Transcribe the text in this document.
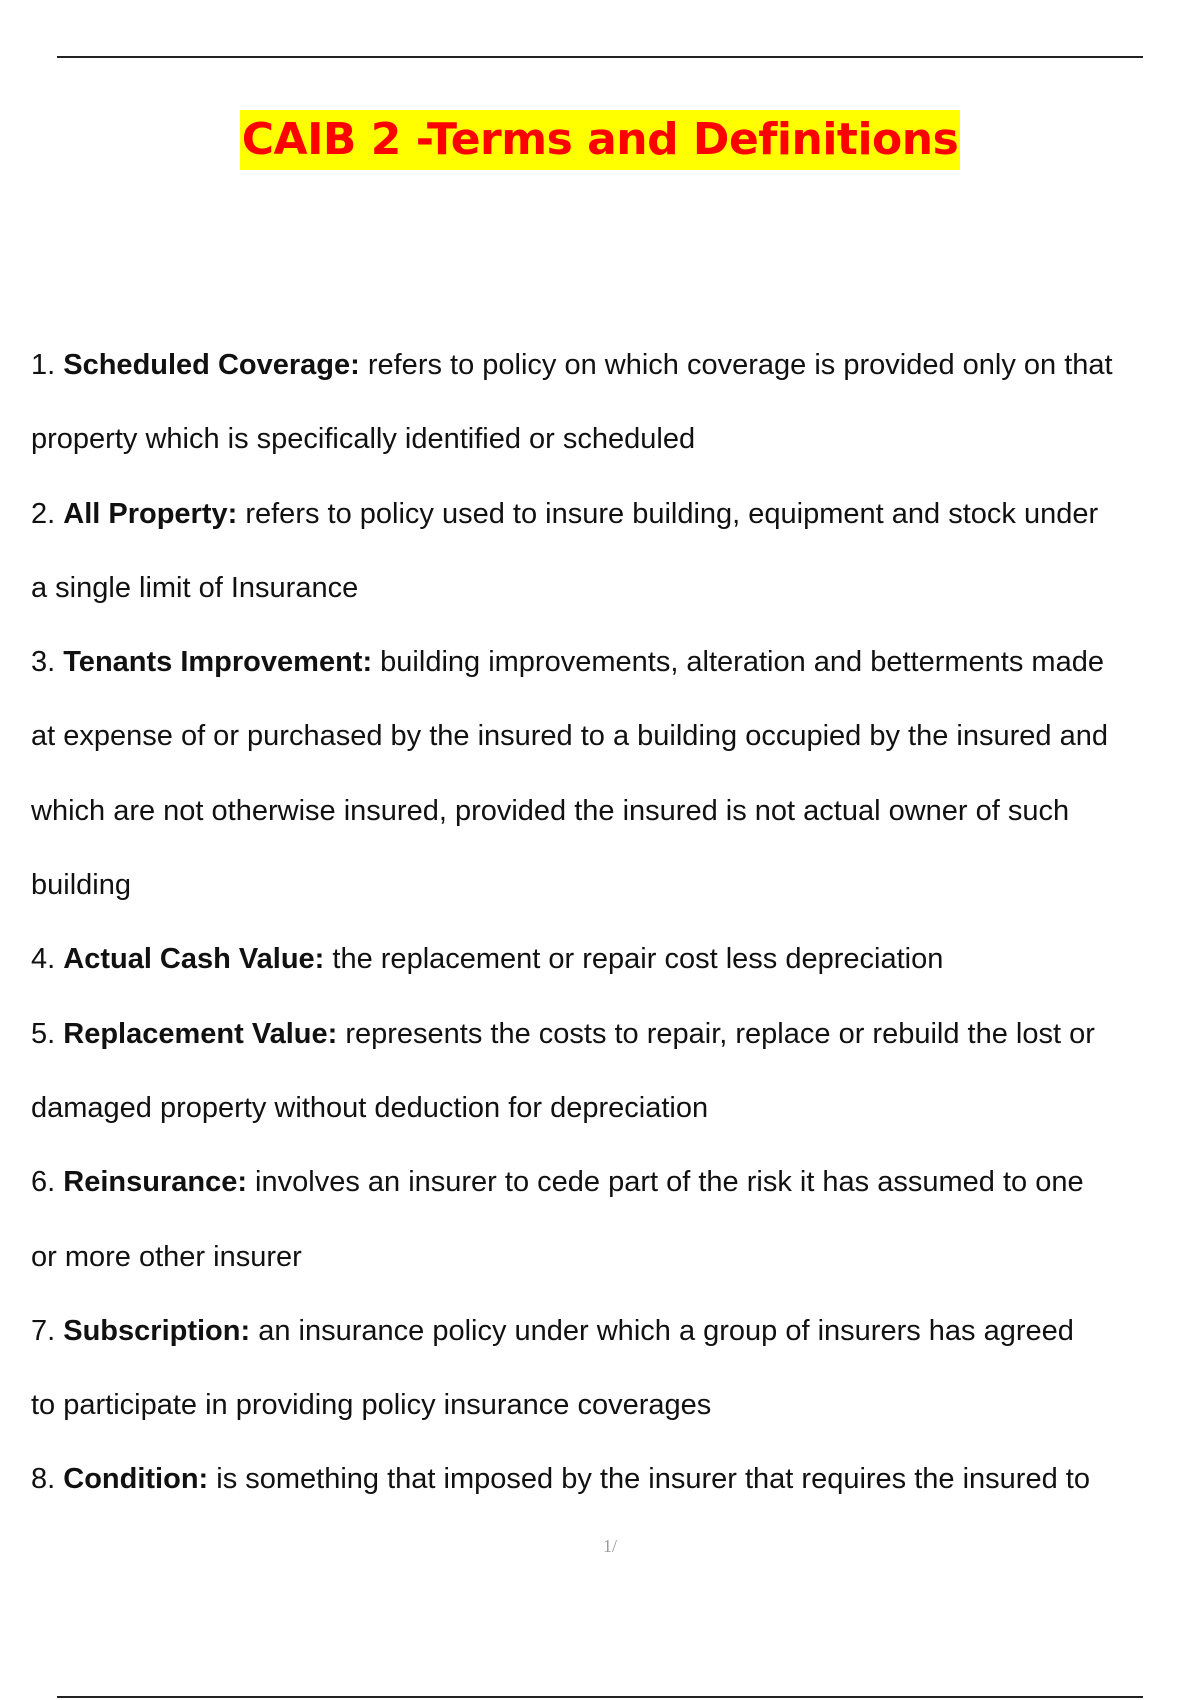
CAIB 2 -Terms and Definitions

1. Scheduled Coverage: refers to policy on which coverage is provided only on that

property which is specifically identified or scheduled

2. All Property: refers to policy used to insure building, equipment and stock under

a single limit of Insurance

3. Tenants Improvement: building improvements, alteration and betterments made

at expense of or purchased by the insured to a building occupied by the insured and

which are not otherwise insured, provided the insured is not actual owner of such

building

4. Actual Cash Value: the replacement or repair cost less depreciation

5. Replacement Value: represents the costs to repair, replace or rebuild the lost or

damaged property without deduction for depreciation

6. Reinsurance: involves an insurer to cede part of the risk it has assumed to one

or more other insurer

7. Subscription: an insurance policy under which a group of insurers has agreed

to participate in providing policy insurance coverages

8. Condition: is something that imposed by the insurer that requires the insured to

1/
